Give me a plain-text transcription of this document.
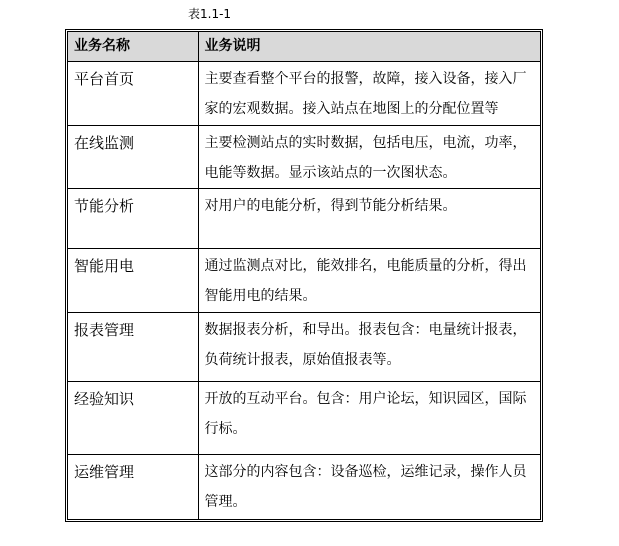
表1.1-1
业务名称	业务说明
平台首页	主要查看整个平台的报警，故障，接入设备，接入厂家的宏观数据。接入站点在地图上的分配位置等
在线监测	主要检测站点的实时数据，包括电压，电流，功率，电能等数据。显示该站点的一次图状态。
节能分析	对用户的电能分析，得到节能分析结果。
智能用电	通过监测点对比，能效排名，电能质量的分析，得出智能用电的结果。
报表管理	数据报表分析，和导出。报表包含：电量统计报表，负荷统计报表，原始值报表等。
经验知识	开放的互动平台。包含：用户论坛，知识园区，国际行标。
运维管理	这部分的内容包含：设备巡检，运维记录，操作人员管理。
